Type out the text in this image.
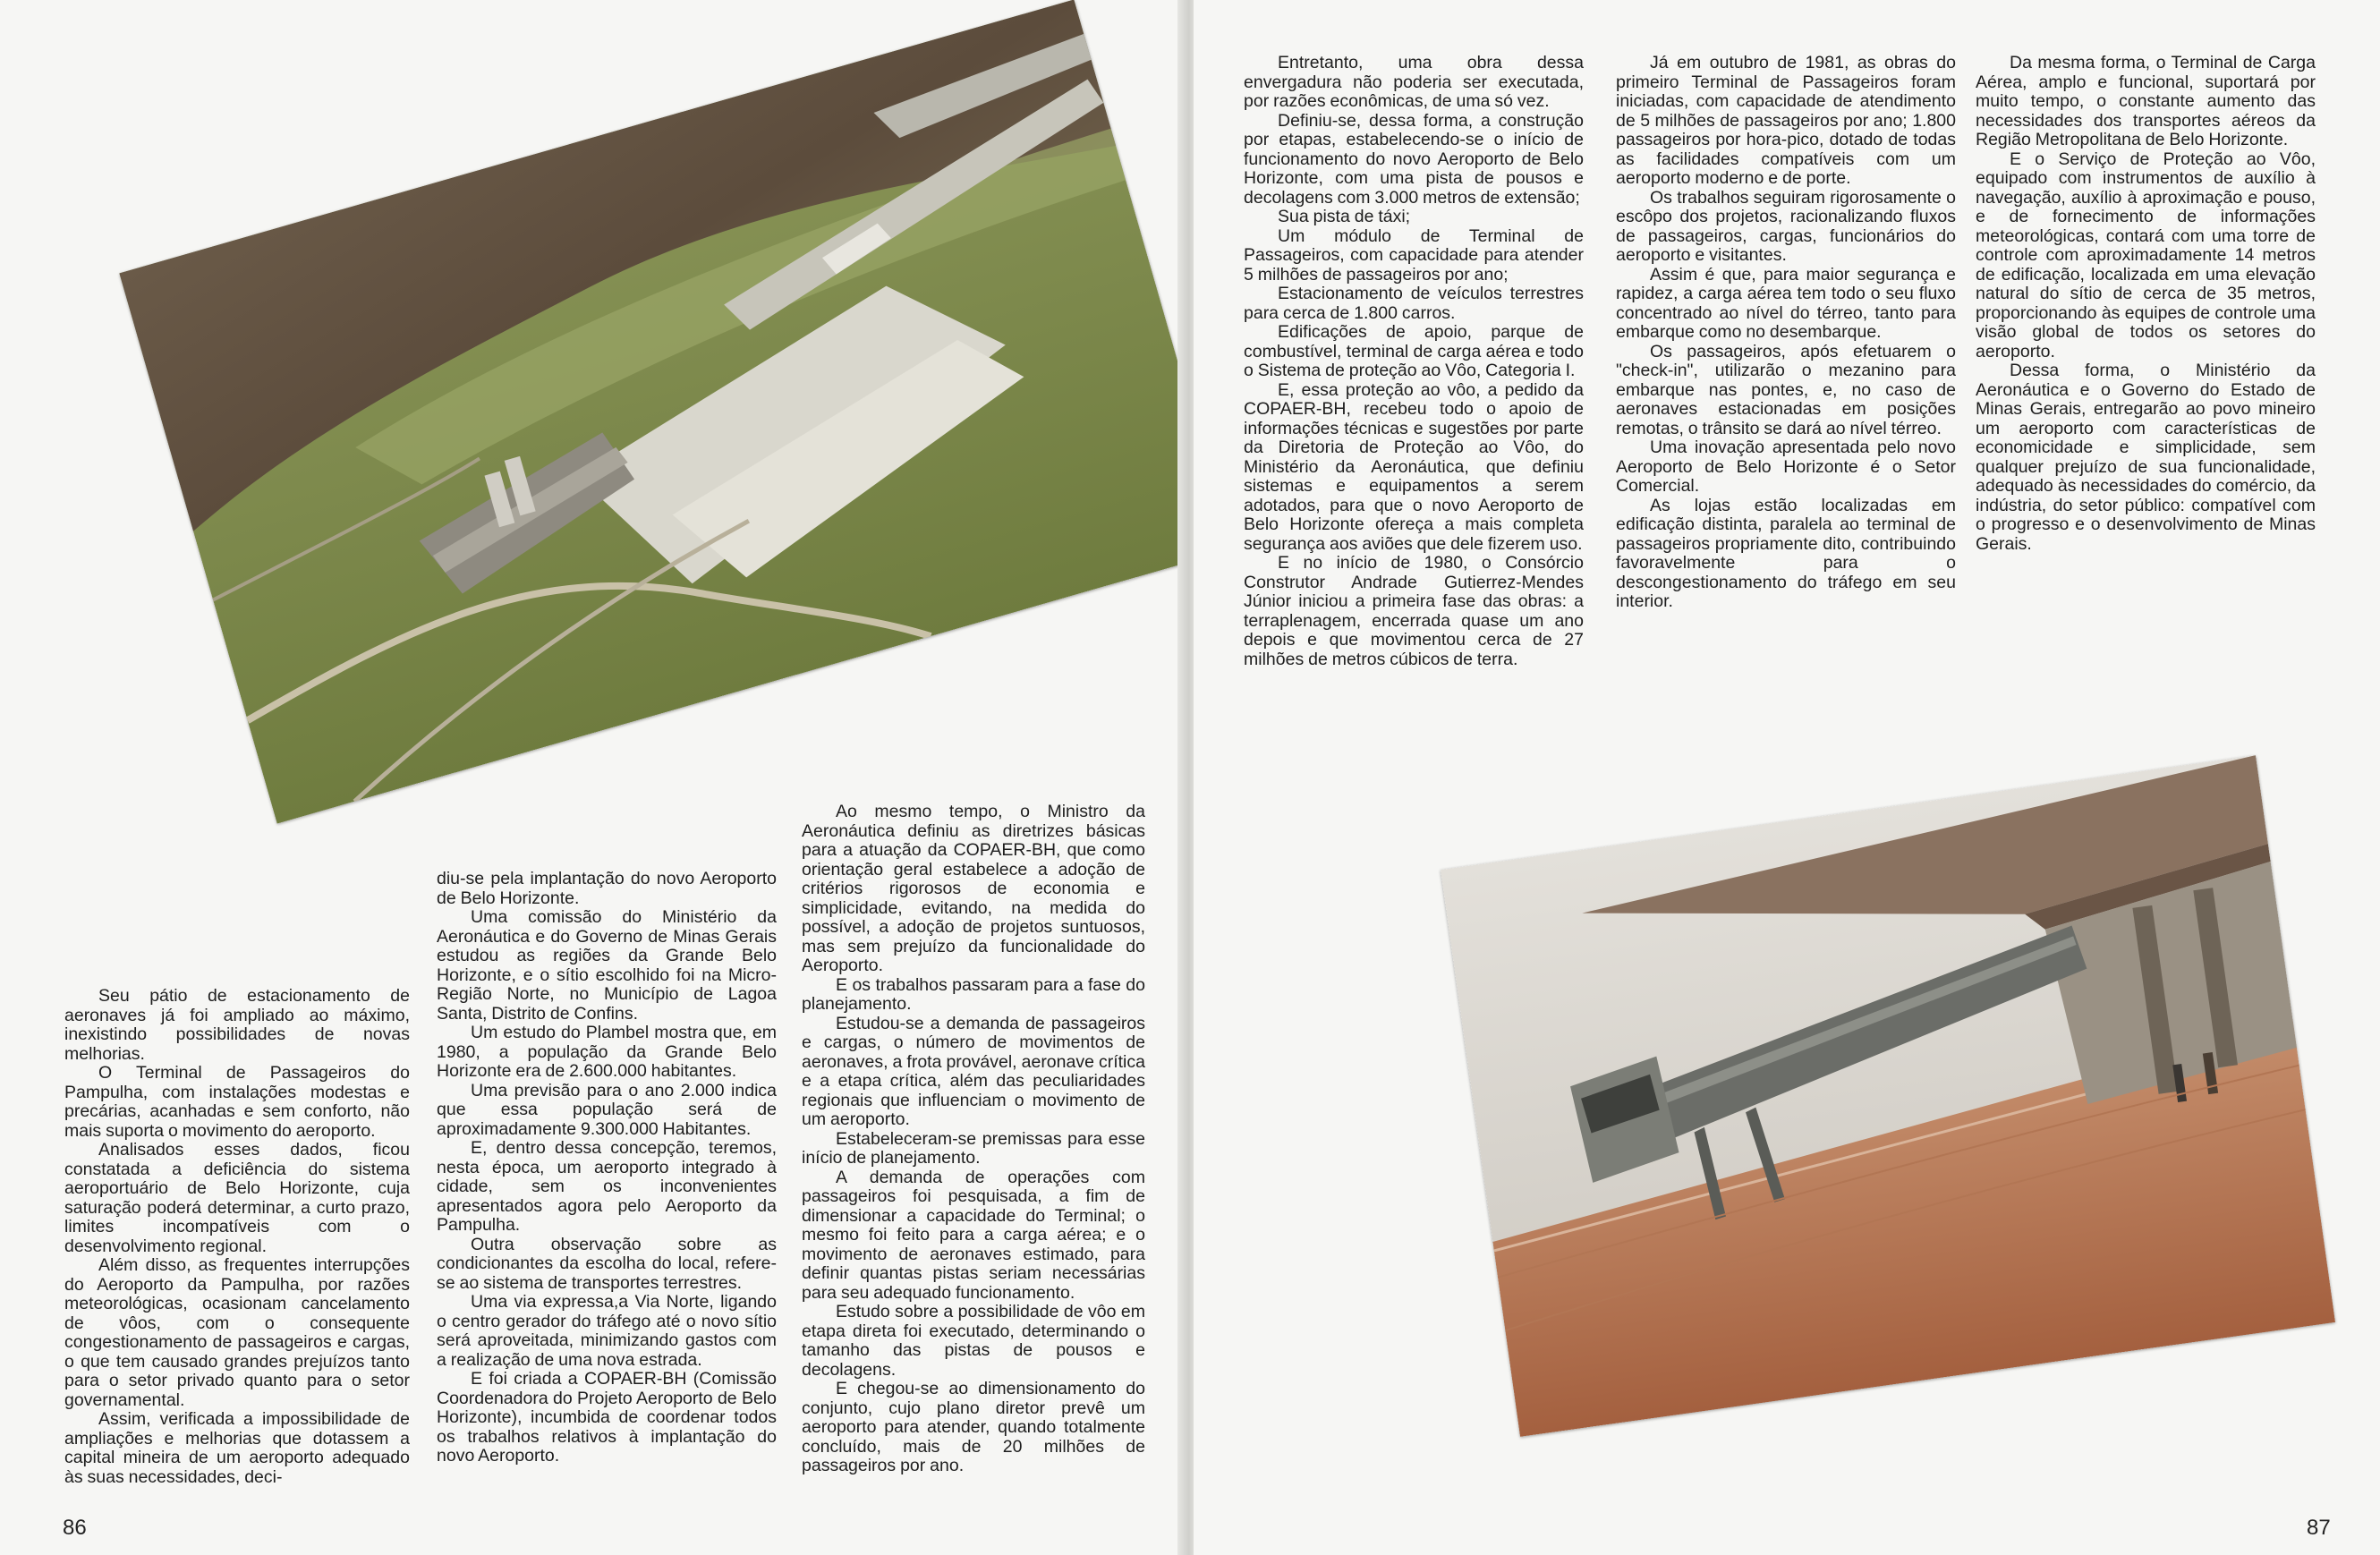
Seu pátio de estacionamento de aeronaves já foi ampliado ao máximo, inexistindo possibilidades de novas melhorias.

O Terminal de Passageiros do Pampulha, com instalações modestas e precárias, acanhadas e sem conforto, não mais suporta o movimento do aeroporto.

Analisados esses dados, ficou constatada a deficiência do sistema aeroportuário de Belo Horizonte, cuja saturação poderá determinar, a curto prazo, limites incompatíveis com o desenvolvimento regional.

Além disso, as frequentes interrupções do Aeroporto da Pampulha, por razões meteorológicas, ocasionam cancelamento de vôos, com o consequente congestionamento de passageiros e cargas, o que tem causado grandes prejuízos tanto para o setor privado quanto para o setor governamental.

Assim, verificada a impossibilidade de ampliações e melhorias que dotassem a capital mineira de um aeroporto adequado às suas necessidades, deci-

diu-se pela implantação do novo Aeroporto de Belo Horizonte.

Uma comissão do Ministério da Aeronáutica e do Governo de Minas Gerais estudou as regiões da Grande Belo Horizonte, e o sítio escolhido foi na Micro-Região Norte, no Município de Lagoa Santa, Distrito de Confins.

Um estudo do Plambel mostra que, em 1980, a população da Grande Belo Horizonte era de 2.600.000 habitantes.

Uma previsão para o ano 2.000 indica que essa população será de aproximadamente 9.300.000 Habitantes.

E, dentro dessa concepção, teremos, nesta época, um aeroporto integrado à cidade, sem os inconvenientes apresentados agora pelo Aeroporto da Pampulha.

Outra observação sobre as condicionantes da escolha do local, refere-se ao sistema de transportes terrestres.

Uma via expressa,a Via Norte, ligando o centro gerador do tráfego até o novo sítio será aproveitada, minimizando gastos com a realização de uma nova estrada.

E foi criada a COPAER-BH (Comissão Coordenadora do Projeto Aeroporto de Belo Horizonte), incumbida de coordenar todos os trabalhos relativos à implantação do novo Aeroporto.

Ao mesmo tempo, o Ministro da Aeronáutica definiu as diretrizes básicas para a atuação da COPAER-BH, que como orientação geral estabelece a adoção de critérios rigorosos de economia e simplicidade, evitando, na medida do possível, a adoção de projetos suntuosos, mas sem prejuízo da funcionalidade do Aeroporto.

E os trabalhos passaram para a fase do planejamento.

Estudou-se a demanda de passageiros e cargas, o número de movimentos de aeronaves, a frota provável, aeronave crítica e a etapa crítica, além das peculiaridades regionais que influenciam o movimento de um aeroporto.

Estabeleceram-se premissas para esse início de planejamento.

A demanda de operações com passageiros foi pesquisada, a fim de dimensionar a capacidade do Terminal; o mesmo foi feito para a carga aérea; e o movimento de aeronaves estimado, para definir quantas pistas seriam necessárias para seu adequado funcionamento.

Estudo sobre a possibilidade de vôo em etapa direta foi executado, determinando o tamanho das pistas de pousos e decolagens.

E chegou-se ao dimensionamento do conjunto, cujo plano diretor prevê um aeroporto para atender, quando totalmente concluído, mais de 20 milhões de passageiros por ano.

86

Entretanto, uma obra dessa envergadura não poderia ser executada, por razões econômicas, de uma só vez.

Definiu-se, dessa forma, a construção por etapas, estabelecendo-se o início de funcionamento do novo Aeroporto de Belo Horizonte, com uma pista de pousos e decolagens com 3.000 metros de extensão;

Sua pista de táxi;

Um módulo de Terminal de Passageiros, com capacidade para atender 5 milhões de passageiros por ano;

Estacionamento de veículos terrestres para cerca de 1.800 carros.

Edificações de apoio, parque de combustível, terminal de carga aérea e todo o Sistema de proteção ao Vôo, Categoria I.

E, essa proteção ao vôo, a pedido da COPAER-BH, recebeu todo o apoio de informações técnicas e sugestões por parte da Diretoria de Proteção ao Vôo, do Ministério da Aeronáutica, que definiu sistemas e equipamentos a serem adotados, para que o novo Aeroporto de Belo Horizonte ofereça a mais completa segurança aos aviões que dele fizerem uso.

E no início de 1980, o Consórcio Construtor Andrade Gutierrez-Mendes Júnior iniciou a primeira fase das obras: a terraplenagem, encerrada quase um ano depois e que movimentou cerca de 27 milhões de metros cúbicos de terra.

Já em outubro de 1981, as obras do primeiro Terminal de Passageiros foram iniciadas, com capacidade de atendimento de 5 milhões de passageiros por ano; 1.800 passageiros por hora-pico, dotado de todas as facilidades compatíveis com um aeroporto moderno e de porte.

Os trabalhos seguiram rigorosamente o escôpo dos projetos, racionalizando fluxos de passageiros, cargas, funcionários do aeroporto e visitantes.

Assim é que, para maior segurança e rapidez, a carga aérea tem todo o seu fluxo concentrado ao nível do térreo, tanto para embarque como no desembarque.

Os passageiros, após efetuarem o "check-in", utilizarão o mezanino para embarque nas pontes, e, no caso de aeronaves estacionadas em posições remotas, o trânsito se dará ao nível térreo.

Uma inovação apresentada pelo novo Aeroporto de Belo Horizonte é o Setor Comercial.

As lojas estão localizadas em edificação distinta, paralela ao terminal de passageiros propriamente dito, contribuindo favoravelmente para o descongestionamento do tráfego em seu interior.

Da mesma forma, o Terminal de Carga Aérea, amplo e funcional, suportará por muito tempo, o constante aumento das necessidades dos transportes aéreos da Região Metropolitana de Belo Horizonte.

E o Serviço de Proteção ao Vôo, equipado com instrumentos de auxílio à navegação, auxílio à aproximação e pouso, e de fornecimento de informações meteorológicas, contará com uma torre de controle com aproximadamente 14 metros de edificação, localizada em uma elevação natural do sítio de cerca de 35 metros, proporcionando às equipes de controle uma visão global de todos os setores do aeroporto.

Dessa forma, o Ministério da Aeronáutica e o Governo do Estado de Minas Gerais, entregarão ao povo mineiro um aeroporto com características de economicidade e simplicidade, sem qualquer prejuízo de sua funcionalidade, adequado às necessidades do comércio, da indústria, do setor público: compatível com o progresso e o desenvolvimento de Minas Gerais.

87
